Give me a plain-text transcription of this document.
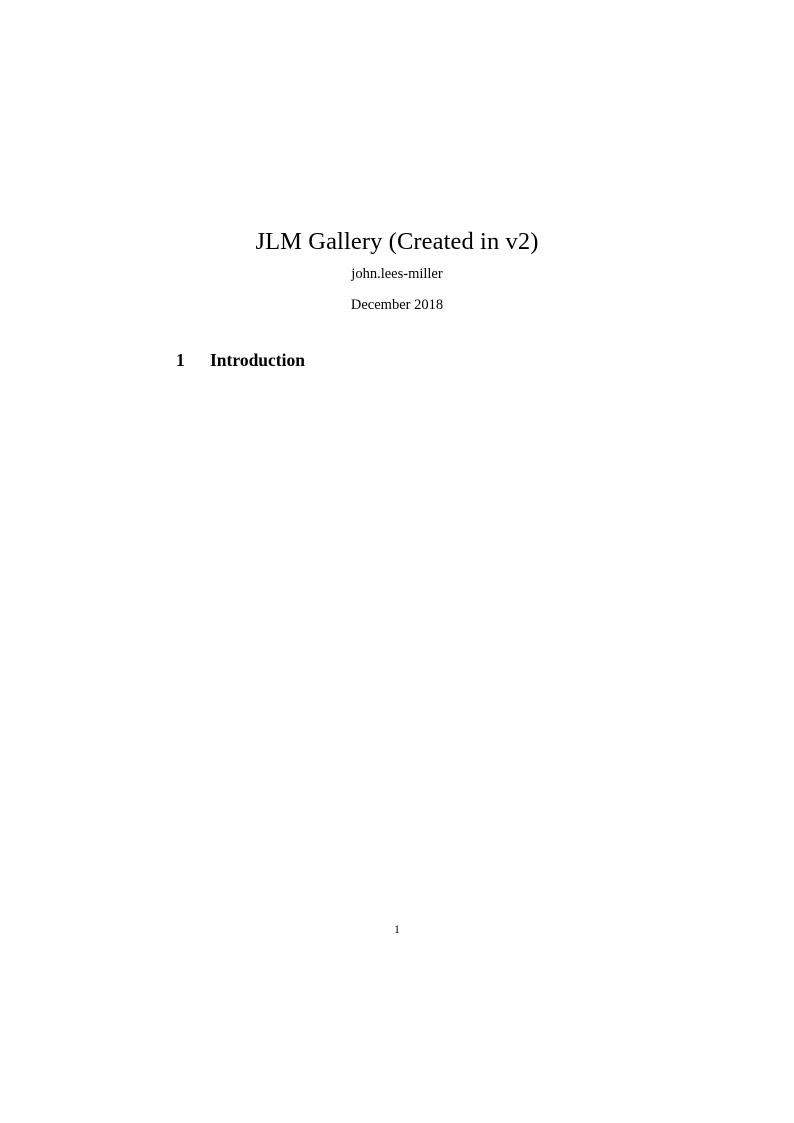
JLM Gallery (Created in v2)
john.lees-miller
December 2018
1 Introduction
1
